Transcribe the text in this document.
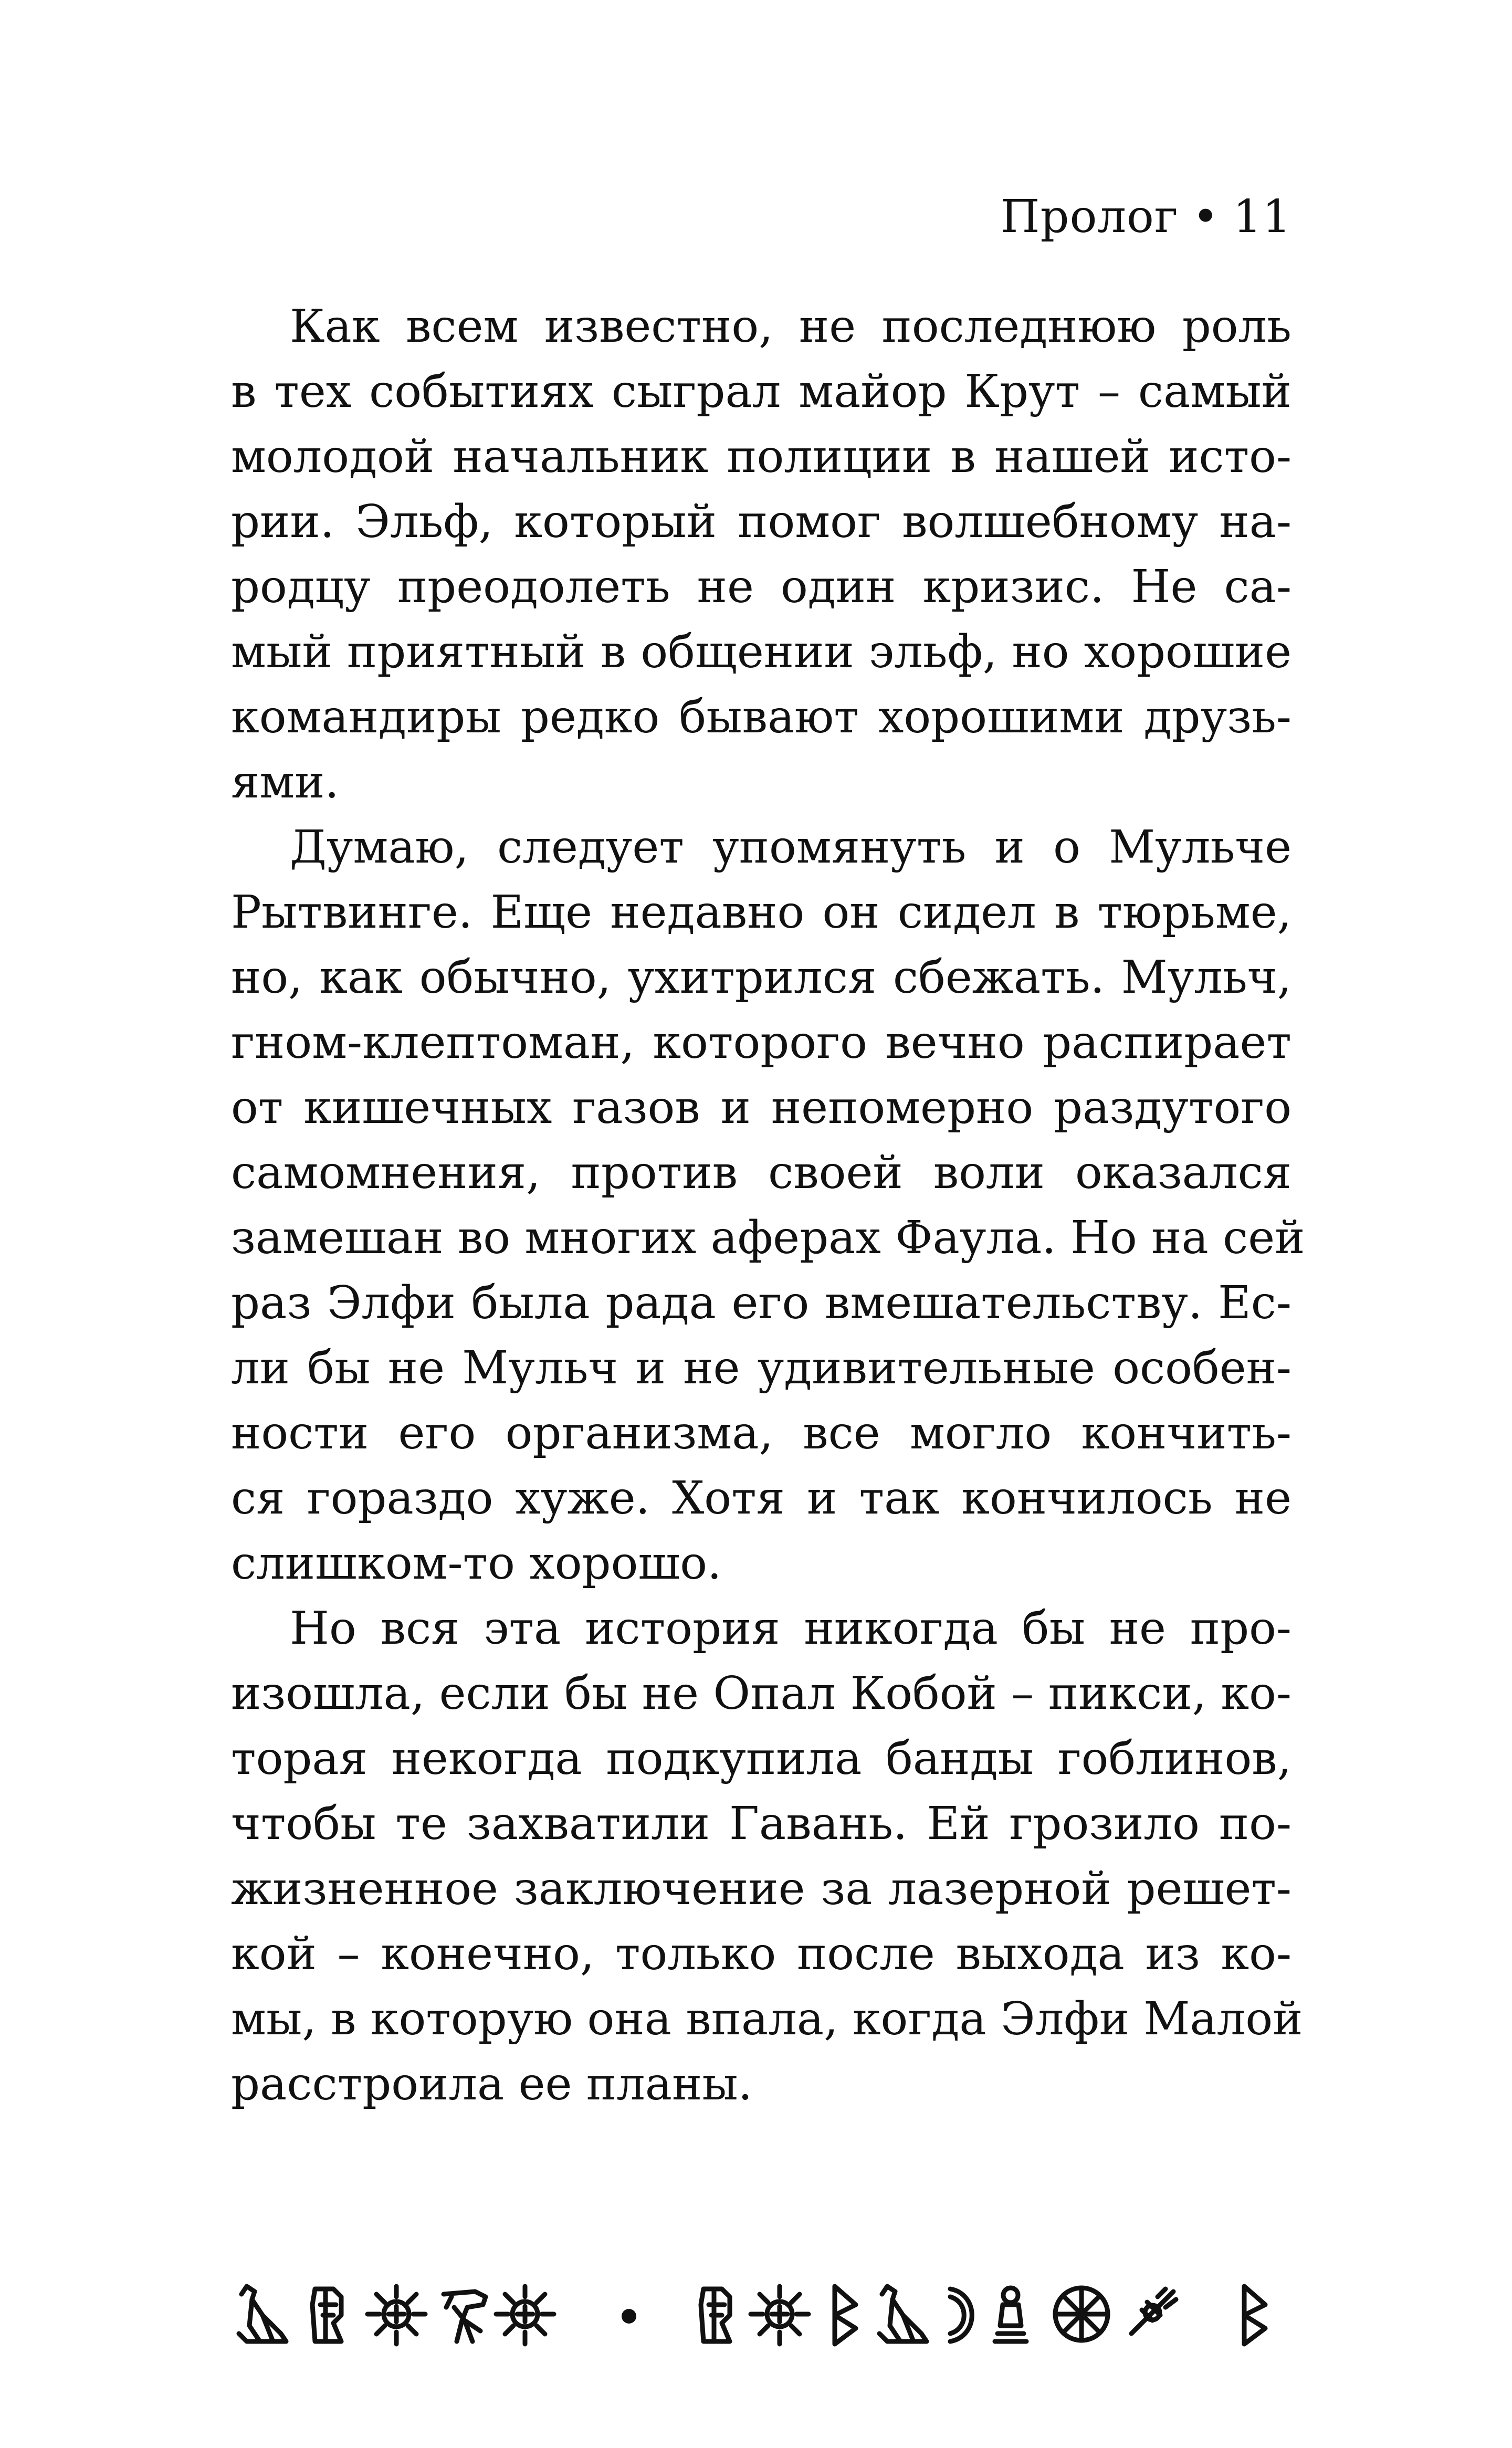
Пролог • 11

Как всем известно, не последнюю роль
в тех событиях сыграл майор Крут – самый
молодой начальник полиции в нашей исто-
рии. Эльф, который помог волшебному на-
родцу преодолеть не один кризис. Не са-
мый приятный в общении эльф, но хорошие
командиры редко бывают хорошими друзь-
ями.

Думаю, следует упомянуть и о Мульче
Рытвинге. Еще недавно он сидел в тюрьме,
но, как обычно, ухитрился сбежать. Мульч,
гном-клептоман, которого вечно распирает
от кишечных газов и непомерно раздутого
самомнения, против своей воли оказался
замешан во многих аферах Фаула. Но на сей
раз Элфи была рада его вмешательству. Ес-
ли бы не Мульч и не удивительные особен-
ности его организма, все могло кончить-
ся гораздо хуже. Хотя и так кончилось не
слишком-то хорошо.

Но вся эта история никогда бы не про-
изошла, если бы не Опал Кобой – пикси, ко-
торая некогда подкупила банды гоблинов,
чтобы те захватили Гавань. Ей грозило по-
жизненное заключение за лазерной решет-
кой – конечно, только после выхода из ко-
мы, в которую она впала, когда Элфи Малой
расстроила ее планы.
